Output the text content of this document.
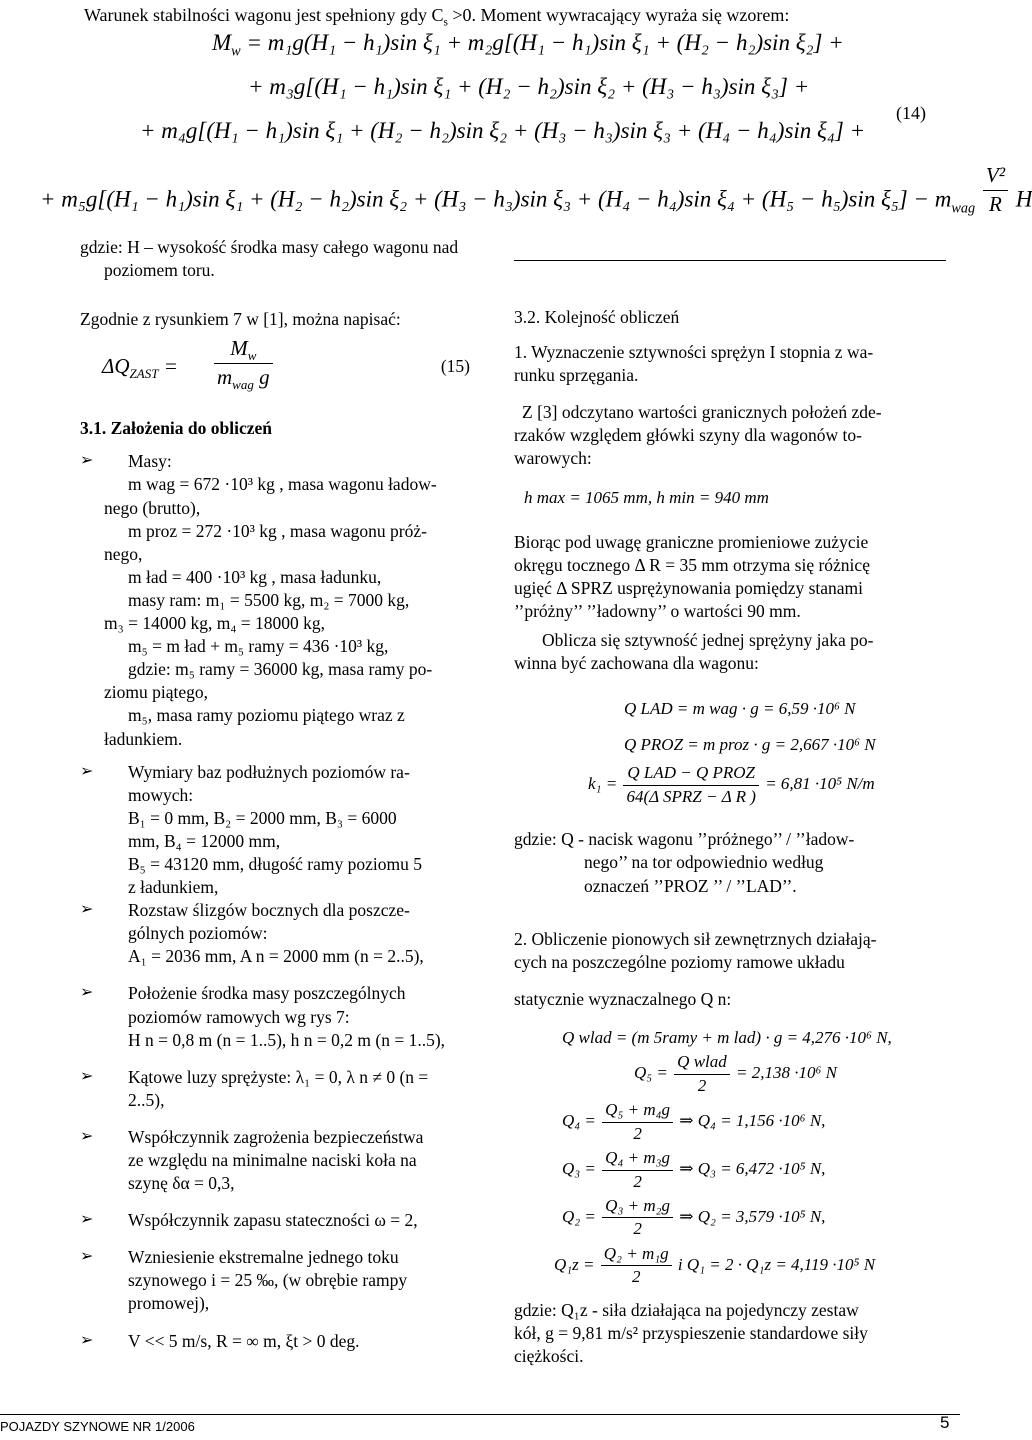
Warunek stabilności wagonu jest spełniony gdy $C_s >0$. Moment wywracający wyraża się wzorem:
$M_w = m_1g(H_1 - h_1)\sin$ ξ₁ + m₂g[(H₁ − h₁)sin ξ₁ + (H₂ − h₂)sin ξ₂] +
+ m₃g[(H₁ − h₁)sin ξ₁ + (H₂ − h₂)sin ξ₂ + (H₃ − h₃)sin ξ₃] +
+ m₄g[(H₁ − h₁)sin ξ₁ + (H₂ − h₂)sin ξ₂ + (H₃ − h₃)sin ξ₃ + (H₄ − h₄)sin ξ₄] +
+ m₅g[(H₁ − h₁)sin ξ₁ + (H₂ − h₂)sin ξ₂ + (H₃ − h₃)sin ξ₃ + (H₄ − h₄)sin ξ₄ + (H₅ − h₅)sin $\xi_5] - m_{wag} \frac{\text{V²}}{R}$ H
(14)

gdzie: H – wysokość środka masy całego wagonu nad

poziomem toru.

Zgodnie z rysunkiem 7 w [1], można napisać:

$\Delta Q_{ZAST}$ =
$M_w$
$m_{wag}$ g	(15)

3.1. Założenia do obliczeń

➢ Masy:

m wag = 672 ·10³ kg , masa wagonu ładow-

nego (brutto),

m proz = 272 ·10³ kg , masa wagonu próż-

nego,

m ład = 400 ·10³ kg , masa ładunku,

masy ram: m₁ = 5500 kg, m₂ = 7000 kg,

m₃ = 14000 kg, m₄ = 18000 kg,

m₅ = m ład + m₅ ramy = 436 ·10³ kg,

gdzie: m₅ ramy = 36000 kg, masa ramy po-

ziomu piątego,

m₅, masa ramy poziomu piątego wraz z

ładunkiem.

➢ Wymiary baz podłużnych poziomów ra-

mowych:

B₁ = 0 mm, B₂ = 2000 mm, B₃ = 6000

mm, B₄ = 12000 mm,

B₅ = 43120 mm, długość ramy poziomu 5

z ładunkiem,

➢ Rozstaw ślizgów bocznych dla poszcze-

gólnych poziomów:

A₁ = 2036 mm, A n = 2000 mm (n = 2..5),

➢ Położenie środka masy poszczególnych

poziomów ramowych wg rys 7:

H n = 0,8 m (n = 1..5), h n = 0,2 m (n = 1..5),

➢ Kątowe luzy sprężyste: λ₁ = 0, λ n ≠ 0 (n =

2..5),

➢ Współczynnik zagrożenia bezpieczeństwa

ze względu na minimalne naciski koła na

szynę δα = 0,3,

➢ Współczynnik zapasu stateczności ω = 2,

➢ Wzniesienie ekstremalne jednego toku

szynowego i = 25 ‰, (w obrębie rampy

promowej),

➢ V << 5 m/s, R = ∞ m, ξt > 0 deg.

3.2. Kolejność obliczeń

1. Wyznaczenie sztywności sprężyn I stopnia z wa-

runku sprzęgania.

Z [3] odczytano wartości granicznych położeń zde-

rzaków względem główki szyny dla wagonów to-

warowych:

h max = 1065 mm, h min = 940 mm

Biorąc pod uwagę graniczne promieniowe zużycie

okręgu tocznego Δ R = 35 mm otrzyma się różnicę

ugięć Δ SPRZ usprężynowania pomiędzy stanami

’’próżny’’ ’’ładowny’’ o wartości 90 mm.

Oblicza się sztywność jednej sprężyny jaka po-

winna być zachowana dla wagonu:

Q LAD = m wag · g = 6,59 ·10⁶ N

Q PROZ = m proz · g = 2,667 ·10⁶ N

$k_1 = \frac{\text{Q LAD − Q PROZ}}{\text{64(Δ SPRZ − Δ R )}} = 6,81 \cdot 10^5$ N/m

gdzie: Q - nacisk wagonu ’’próżnego’’ / ’’ładow-

nego’’ na tor odpowiednio według

oznaczeń ’’PROZ ’’ / ’’LAD’’.

2. Obliczenie pionowych sił zewnętrznych działają-

cych na poszczególne poziomy ramowe układu

statycznie wyznaczalnego Q n:

Q wlad = (m 5ramy + m lad) · g = 4,276 ·10⁶ N,

$Q_5 = \frac{\text{Q wlad}}{2} = 2,138 \cdot 10^6$ N
$Q_4 = \frac{\text{Q₅ + m₄g}}{2}$ ⇒ Q₄ = 1,156 ·10⁶ N,
$Q_3 = \frac{\text{Q₄ + m₃g}}{2}$ ⇒ Q₃ = 6,472 ·10⁵ N,
$Q_2 = \frac{\text{Q₃ + m₂g}}{2}$ ⇒ Q₂ = 3,579 ·10⁵ N,
$Q_1z = \frac{\text{Q₂ + m₁g}}{2}$ i Q₁ = 2 · Q₁z = 4,119 ·10⁵ N

gdzie: Q₁z - siła działająca na pojedynczy zestaw

kół, g = 9,81 m/s² przyspieszenie standardowe siły

ciężkości.

POJAZDY SZYNOWE NR 1/2006	5
